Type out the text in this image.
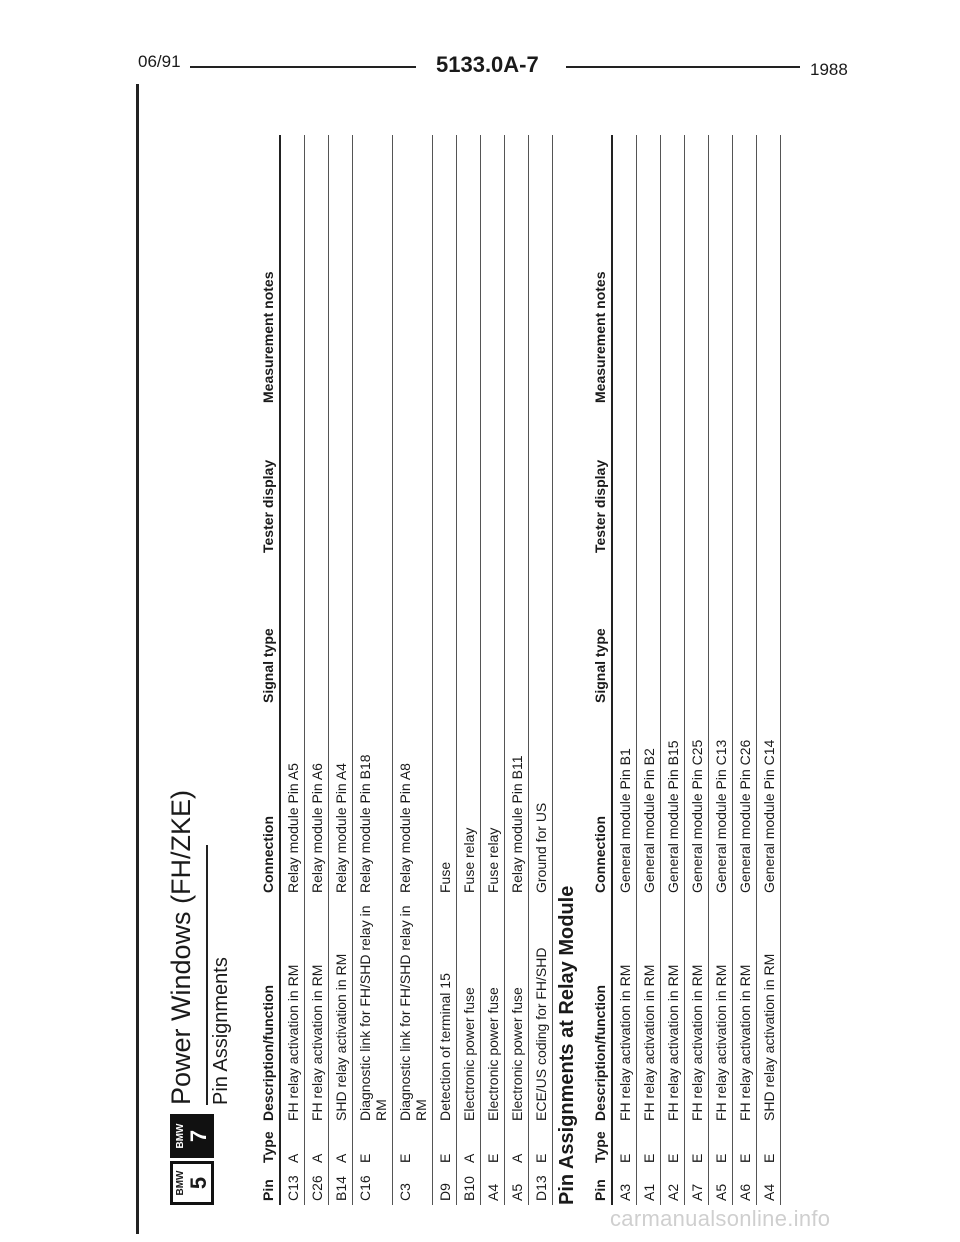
06/91	5133.0A-7	1988
BMW 5
BMW 7
Power Windows (FH/ZKE) Pin Assignments
Pin	Type	Description/function	Connection	Signal type	Tester display	Measurement notes
C13	A	FH relay activation in RM	Relay module Pin A5			
C26	A	FH relay activation in RM	Relay module Pin A6			
B14	A	SHD relay activation in RM	Relay module Pin A4			
C16	E	Diagnostic link for FH/SHD relay in RM	Relay module Pin B18			
C3	E	Diagnostic link for FH/SHD relay in RM	Relay module Pin A8			
D9	E	Detection of terminal 15	Fuse			
B10	A	Electronic power fuse	Fuse relay			
A4	E	Electronic power fuse	Fuse relay			
A5	A	Electronic power fuse	Relay module Pin B11			
D13	E	ECE/US coding for FH/SHD	Ground for US			
Pin Assignments at Relay Module Pin	Type	Description/function	Connection	Signal type	Tester display	Measurement notes
A3	E	FH relay activation in RM	General module Pin B1			
A1	E	FH relay activation in RM	General module Pin B2			
A2	E	FH relay activation in RM	General module Pin B15			
A7	E	FH relay activation in RM	General module Pin C25			
A5	E	FH relay activation in RM	General module Pin C13			
A6	E	FH relay activation in RM	General module Pin C26			
A4	E	SHD relay activation in RM	General module Pin C14			
carmanualsonline.info
